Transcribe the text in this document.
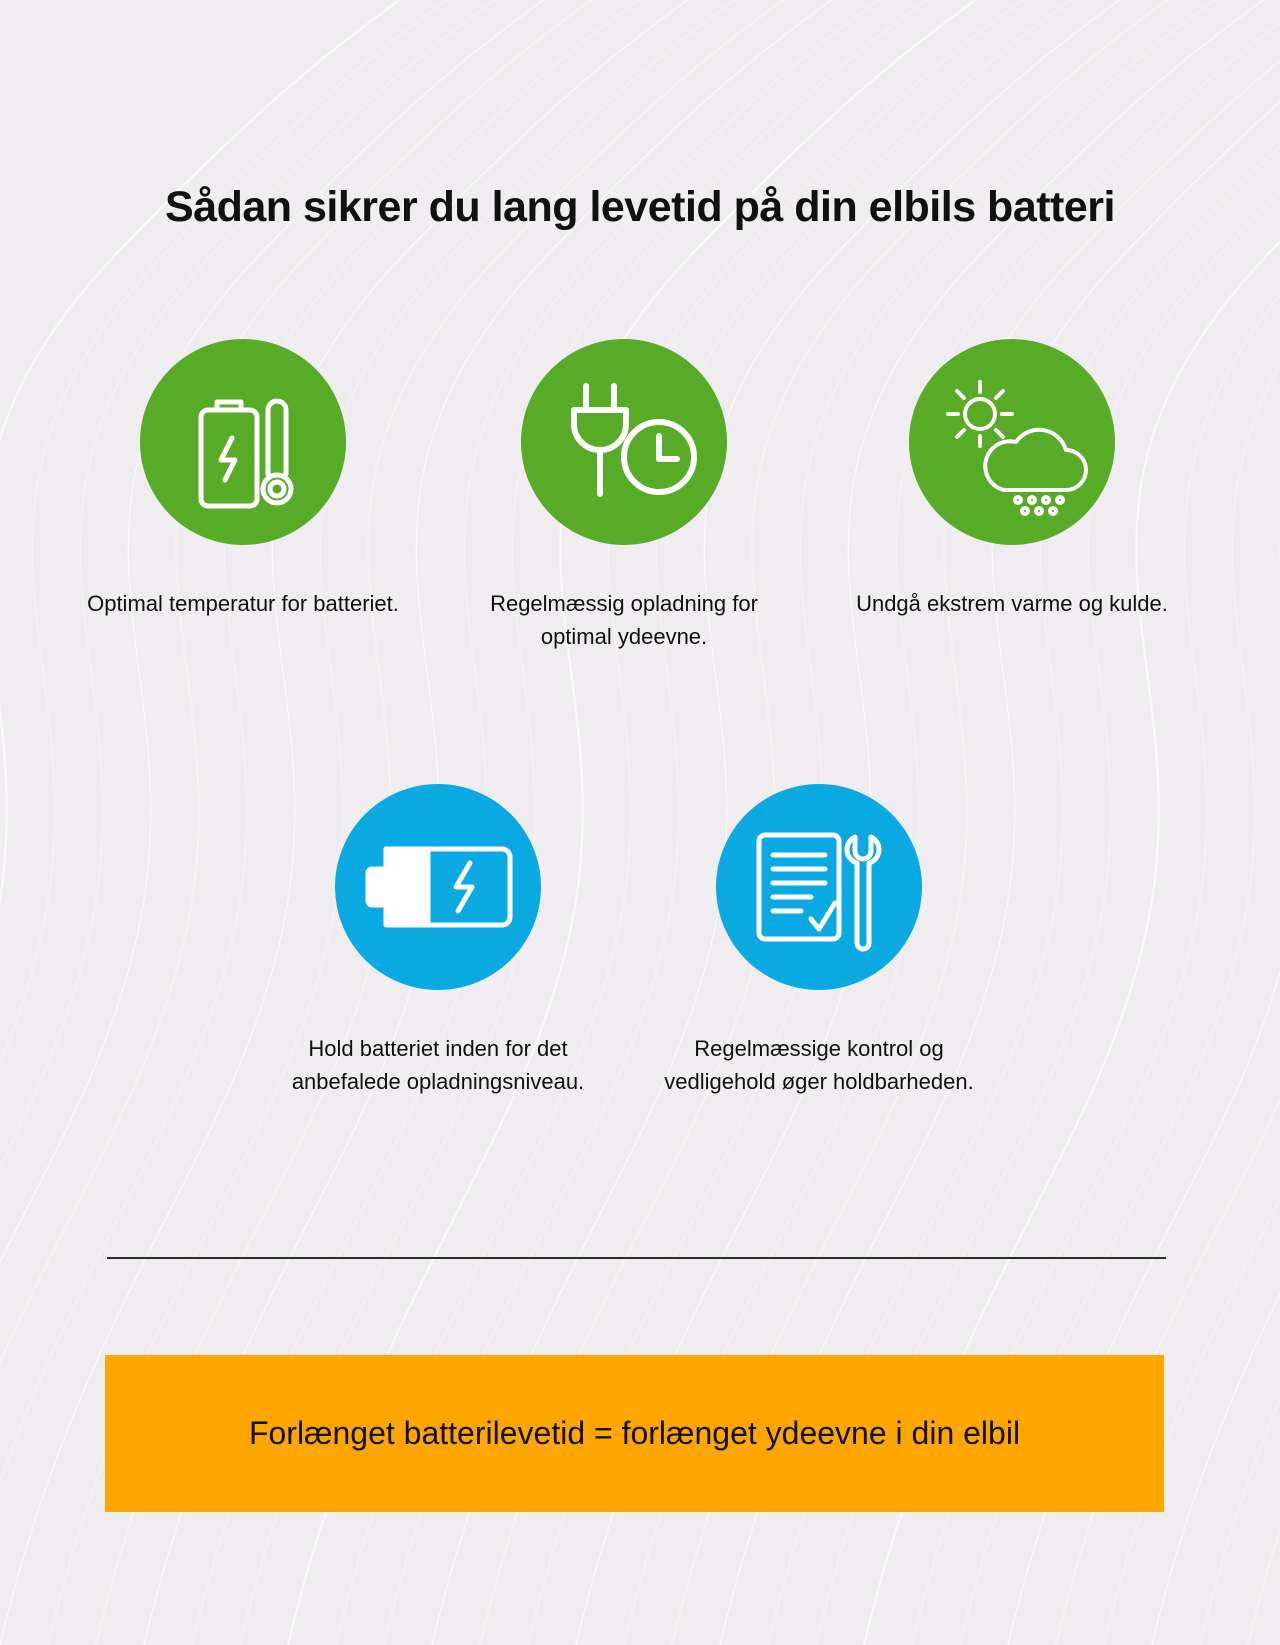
Sådan sikrer du lang levetid på din elbils batteri
Optimal temperatur for batteriet.	Regelmæssig opladning for optimal ydeevne.
Undgå ekstrem varme og kulde.
Hold batteriet inden for det anbefalede opladningsniveau.
Regelmæssige kontrol og vedligehold øger holdbarheden.
Forlænget batterilevetid = forlænget ydeevne i din elbil
